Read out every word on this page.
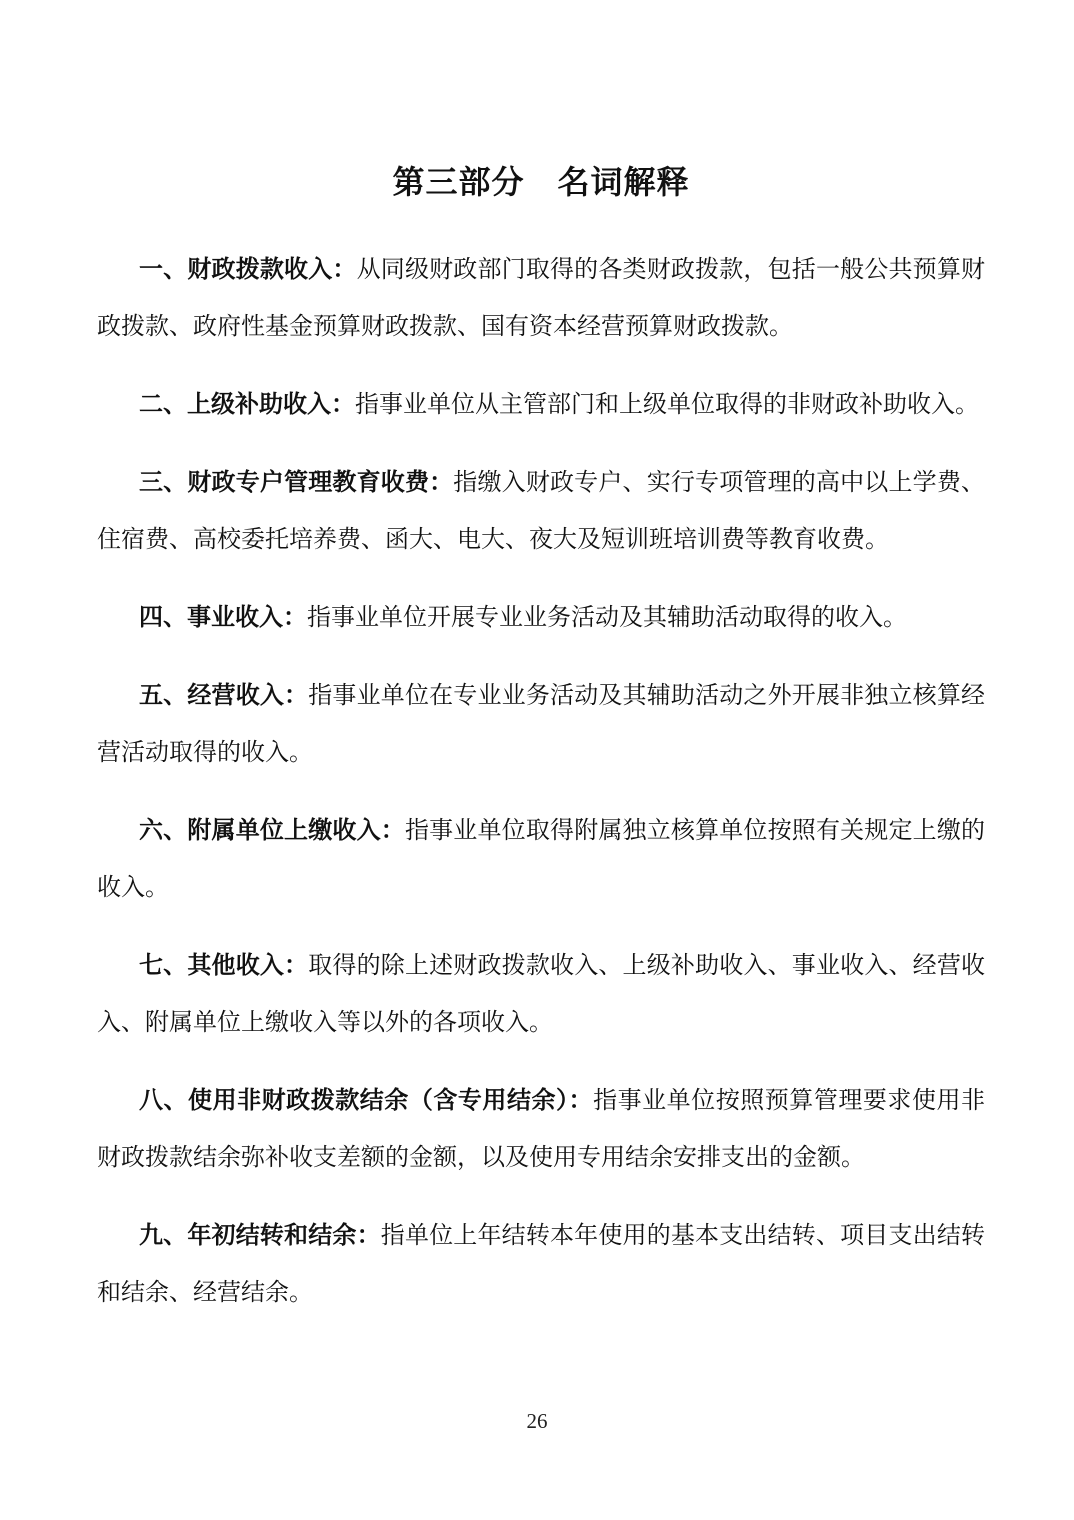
第三部分　名词解释

一、财政拨款收入：从同级财政部门取得的各类财政拨款，包括一般公共预算财政拨款、政府性基金预算财政拨款、国有资本经营预算财政拨款。

二、上级补助收入：指事业单位从主管部门和上级单位取得的非财政补助收入。

三、财政专户管理教育收费：指缴入财政专户、实行专项管理的高中以上学费、住宿费、高校委托培养费、函大、电大、夜大及短训班培训费等教育收费。

四、事业收入：指事业单位开展专业业务活动及其辅助活动取得的收入。

五、经营收入：指事业单位在专业业务活动及其辅助活动之外开展非独立核算经营活动取得的收入。

六、附属单位上缴收入：指事业单位取得附属独立核算单位按照有关规定上缴的收入。

七、其他收入：取得的除上述财政拨款收入、上级补助收入、事业收入、经营收入、附属单位上缴收入等以外的各项收入。

八、使用非财政拨款结余（含专用结余）：指事业单位按照预算管理要求使用非财政拨款结余弥补收支差额的金额，以及使用专用结余安排支出的金额。

九、年初结转和结余：指单位上年结转本年使用的基本支出结转、项目支出结转和结余、经营结余。

26
